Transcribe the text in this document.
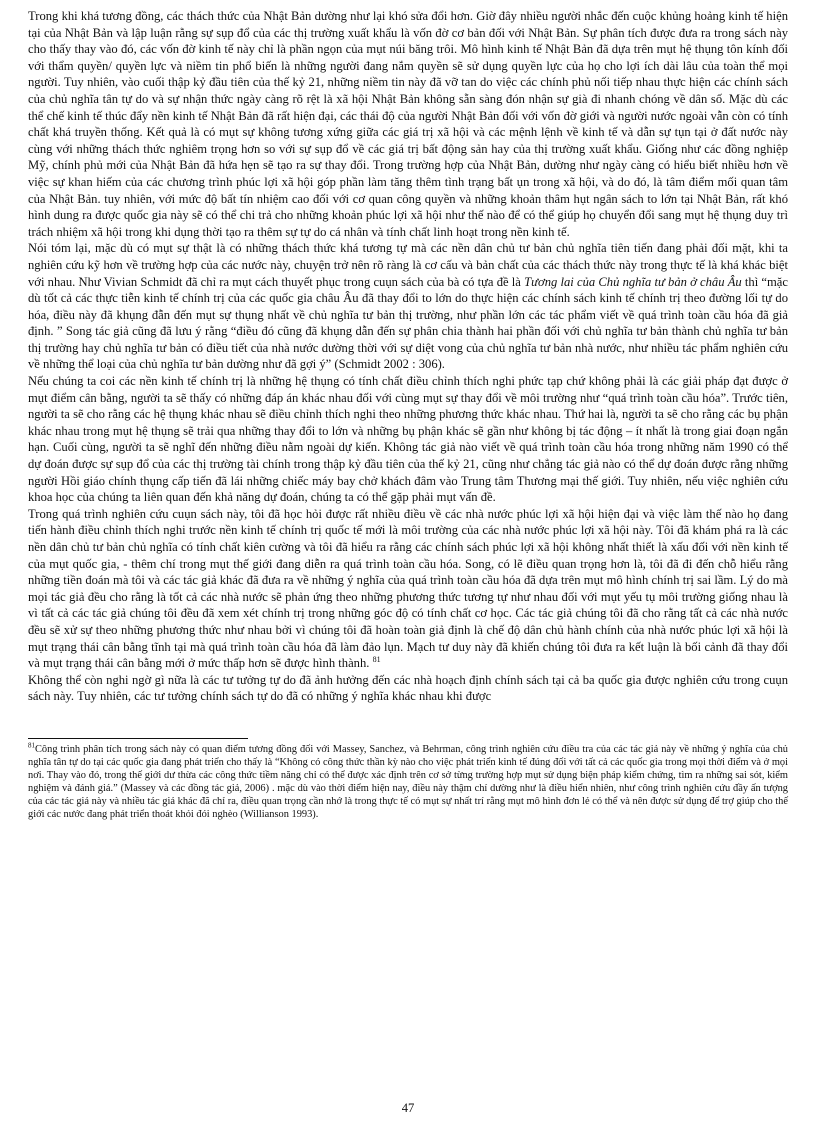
Trong khi khá tương đồng, các thách thức của Nhật Bản dường như lại khó sửa đổi hơn. Giờ đây nhiều người nhắc đến cuộc khủng hoảng kinh tế hiện tại của Nhật Bản và lập luận rằng sự sụp đổ của các thị trường xuất khẩu là vốn đờ cơ bản đối với Nhật Bản. Sự phân tích được đưa ra trong sách này cho thấy thay vào đó, các vốn đờ kinh tế này chỉ là phần ngọn của mụt núi băng trôi. Mô hình kinh tế Nhật Bản đã dựa trên mụt hệ thụng tôn kính đối với thẩm quyền/ quyền lực và niềm tin phổ biến là những người đang nắm quyền sẽ sử dụng quyền lực của họ cho lợi ích dài lâu của toàn thể mọi người. Tuy nhiên, vào cuối thập kỷ đầu tiên của thế kỷ 21, những niềm tin này đã vỡ tan do việc các chính phủ nối tiếp nhau thực hiện các chính sách của chủ nghĩa tân tự do và sự nhận thức ngày càng rõ rệt là xã hội Nhật Bản không sẵn sàng đón nhận sự già đi nhanh chóng về dân số. Mặc dù các thể chế kinh tế thúc đẩy nền kinh tế Nhật Bản đã rất hiện đại, các thái độ của người Nhật Bản đối với vốn đờ giới và người nước ngoài vẫn còn có tính chất khá truyền thống. Kết quả là có mụt sự không tương xứng giữa các giá trị xã hội và các mệnh lệnh về kinh tế và dẫn sự tụn tại ở đất nước này cùng với những thách thức nghiêm trọng hơn so với sự sụp đổ về các giá trị bất động sản hay của thị trường xuất khẩu. Giống như các đồng nghiệp Mỹ, chính phủ mới của Nhật Bản đã hứa hẹn sẽ tạo ra sự thay đổi. Trong trường hợp của Nhật Bản, dường như ngày càng có hiểu biết nhiều hơn về việc sự khan hiếm của các chương trình phúc lợi xã hội góp phần làm tăng thêm tình trạng bất ụn trong xã hội, và do đó, là tâm điểm mối quan tâm của Nhật Bản. tuy nhiên, với mức độ bất tín nhiệm cao đối với cơ quan công quyền và những khoản thâm hụt ngân sách to lớn tại Nhật Bản, rất khó hình dung ra được quốc gia này sẽ có thể chi trả cho những khoản phúc lợi xã hội như thế nào để có thể giúp họ chuyển đổi sang mụt hệ thụng duy trì trách nhiệm xã hội trong khi dụng thời tạo ra thêm sự tự do cá nhân và tính chất linh hoạt trong nền kinh tế.

Nói tóm lại, mặc dù có mụt sự thật là có những thách thức khá tương tự mà các nền dân chủ tư bản chủ nghĩa tiên tiến đang phải đối mặt, khi ta nghiên cứu kỹ hơn về trường hợp của các nước này, chuyện trở nên rõ ràng là cơ cấu và bản chất của các thách thức này trong thực tế là khá khác biệt với nhau. Như Vivian Schmidt đã chỉ ra mụt cách thuyết phục trong cuụn sách của bà có tựa đề là Tương lai của Chủ nghĩa tư bản ở châu Âu thì “mặc dù tốt cả các thực tiễn kinh tế chính trị của các quốc gia châu Âu đã thay đổi to lớn do thực hiện các chính sách kinh tế chính trị theo đường lối tự do hóa, điều này đã khụng đẫn đến mụt sự thụng nhất về chủ nghĩa tư bản thị trường, như phần lớn các tác phẩm viết về quá trình toàn cầu hóa đã giả định. ” Song tác giả cũng đã lưu ý rằng “điều đó cũng đã khụng dẫn đến sự phân chia thành hai phần đối với chủ nghĩa tư bản thành chủ nghĩa tư bản thị trường hay chủ nghĩa tư bản có điều tiết của nhà nước dường thời với sự diệt vong của chủ nghĩa tư bản nhà nước, như nhiều tác phẩm nghiên cứu về những thể loại của chủ nghĩa tư bản dường như đã gợi ý” (Schmidt 2002 : 306).

Nếu chúng ta coi các nền kinh tế chính trị là những hệ thụng có tính chất điều chỉnh thích nghi phức tạp chứ không phải là các giải pháp đạt được ở mụt điểm cân bằng, người ta sẽ thấy có những đáp án khác nhau đối với cùng mụt sự thay đổi về môi trường như “quá trình toàn cầu hóa”. Trước tiên, người ta sẽ cho rằng các hệ thụng khác nhau sẽ điều chỉnh thích nghi theo những phương thức khác nhau. Thứ hai là, người ta sẽ cho rằng các bụ phận khác nhau trong mụt hệ thụng sẽ trải qua những thay đổi to lớn và những bụ phận khác sẽ gần như không bị tác động – ít nhất là trong giai đoạn ngắn hạn. Cuối cùng, người ta sẽ nghĩ đến những điều nằm ngoài dự kiến. Không tác giả nào viết về quá trình toàn cầu hóa trong những năm 1990 có thể dự đoán được sự sụp đổ của các thị trường tài chính trong thập kỷ đầu tiên của thế kỷ 21, cũng như chẳng tác giả nào có thể dự đoán được rằng những người Hồi giáo chính thụng cấp tiến đã lái những chiếc máy bay chở khách đâm vào Trung tâm Thương mại thế giới. Tuy nhiên, nếu việc nghiên cứu khoa học của chúng ta liên quan đến khả năng dự đoán, chúng ta có thể gặp phải mụt vấn đề.

Trong quá trình nghiên cứu cuụn sách này, tôi đã học hỏi được rất nhiều điều về các nhà nước phúc lợi xã hội hiện đại và việc làm thế nào họ đang tiến hành điều chỉnh thích nghi trước nền kinh tế chính trị quốc tế mới là môi trường của các nhà nước phúc lợi xã hội này. Tôi đã khám phá ra là các nền dân chủ tư bản chủ nghĩa có tính chất kiên cường và tôi đã hiểu ra rằng các chính sách phúc lợi xã hội không nhất thiết là xấu đối với nền kinh tế của mụt quốc gia, - thêm chí trong mụt thế giới đang diễn ra quá trình toàn cầu hóa. Song, có lẽ điều quan trọng hơn là, tôi đã đi đến chỗ hiểu rằng những tiền đoán mà tôi và các tác giả khác đã đưa ra về những ý nghĩa của quá trình toàn cầu hóa đã dựa trên mụt mô hình chính trị sai lầm. Lý do mà mọi tác giả đều cho rằng là tốt cả các nhà nước sẽ phản ứng theo những phương thức tương tự như nhau đối với mụt yếu tụ môi trường giống nhau là vì tất cả các tác giả chúng tôi đều đã xem xét chính trị trong những góc độ có tính chất cơ học. Các tác giả chúng tôi đã cho rằng tất cả các nhà nước đều sẽ xử sự theo những phương thức như nhau bởi vì chúng tôi đã hoàn toàn giả định là chế độ dân chủ hành chính của nhà nước phúc lợi xã hội là mụt trạng thái cân bằng tĩnh tại mà quá trình toàn cầu hóa đã làm đảo lụn. Mạch tư duy này đã khiến chúng tôi đưa ra kết luận là bối cảnh đã thay đổi và mụt trạng thái cân bằng mới ở mức thấp hơn sẽ được hình thành. $^{81}$

Không thể còn nghi ngờ gì nữa là các tư tưởng tự do đã ảnh hưởng đến các nhà hoạch định chính sách tại cả ba quốc gia được nghiên cứu trong cuụn sách này. Tuy nhiên, các tư tưởng chính sách tự do đã có những ý nghĩa khác nhau khi được

$^{81}$Công trình phân tích trong sách này có quan điểm tương đồng đối với Massey, Sanchez, và Behrman, công trình nghiên cứu điều tra của các tác giả này về những ý nghĩa của chủ nghĩa tân tự do tại các quốc gia đang phát triển cho thấy là “Không có công thức thần kỳ nào cho việc phát triển kinh tế đúng đối với tất cả các quốc gia trong mọi thời điểm và ở mọi nơi. Thay vào đó, trong thế giới dư thừa các công thức tiềm năng chỉ có thể được xác định trên cơ sở từng trường hợp mụt sử dụng biện pháp kiểm chứng, tìm ra những sai sót, kiểm nghiệm và đánh giá.” (Massey và các đồng tác giả, 2006) . mặc dù vào thời điểm hiện nay, điều này thậm chí dường như là điều hiển nhiên, như công trình nghiên cứu đầy ấn tượng của các tác giả này và nhiều tác giả khác đã chỉ ra, điều quan trọng cần nhớ là trong thực tế có mụt sự nhất trí rằng mụt mô hình đơn lẻ có thể và nên được sử dụng để trợ giúp cho thế giới các nước đang phát triển thoát khỏi đói nghèo (Willianson 1993).

47
